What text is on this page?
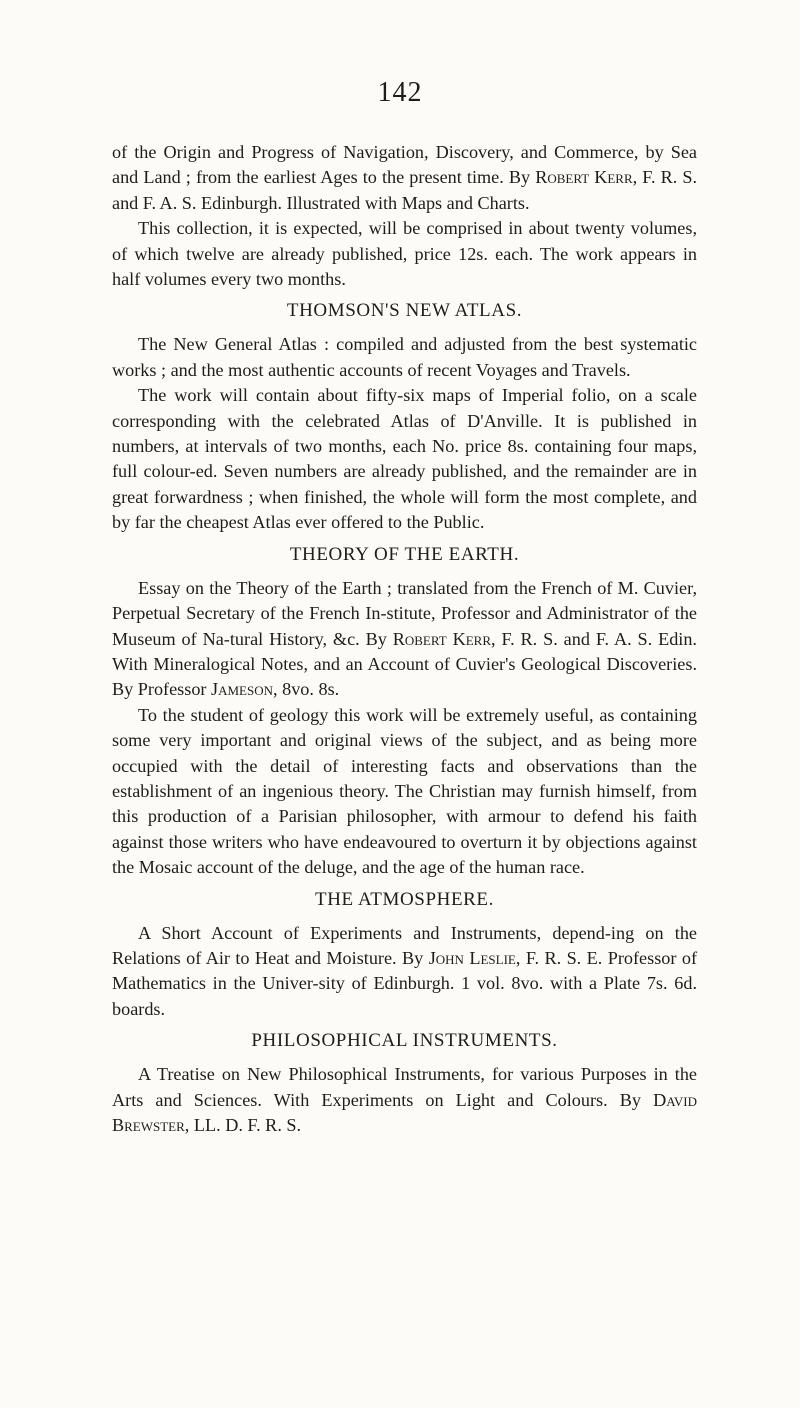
142

of the Origin and Progress of Navigation, Discovery, and Commerce, by Sea and Land ; from the earliest Ages to the present time. By Robert Kerr, F. R. S. and F. A. S. Edinburgh. Illustrated with Maps and Charts.

This collection, it is expected, will be comprised in about twenty volumes, of which twelve are already published, price 12s. each. The work appears in half volumes every two months.

THOMSON'S NEW ATLAS.

The New General Atlas : compiled and adjusted from the best systematic works ; and the most authentic accounts of recent Voyages and Travels.

The work will contain about fifty-six maps of Imperial folio, on a scale corresponding with the celebrated Atlas of D'Anville. It is published in numbers, at intervals of two months, each No. price 8s. containing four maps, full colour-ed. Seven numbers are already published, and the remainder are in great forwardness ; when finished, the whole will form the most complete, and by far the cheapest Atlas ever offered to the Public.

THEORY OF THE EARTH.

Essay on the Theory of the Earth ; translated from the French of M. Cuvier, Perpetual Secretary of the French In-stitute, Professor and Administrator of the Museum of Na-tural History, &c. By Robert Kerr, F. R. S. and F. A. S. Edin. With Mineralogical Notes, and an Account of Cuvier's Geological Discoveries. By Professor Jameson, 8vo. 8s.

To the student of geology this work will be extremely useful, as containing some very important and original views of the subject, and as being more occupied with the detail of interesting facts and observations than the establishment of an ingenious theory. The Christian may furnish himself, from this production of a Parisian philosopher, with armour to defend his faith against those writers who have endeavoured to overturn it by objections against the Mosaic account of the deluge, and the age of the human race.

THE ATMOSPHERE.

A Short Account of Experiments and Instruments, depend-ing on the Relations of Air to Heat and Moisture. By John Leslie, F. R. S. E. Professor of Mathematics in the Univer-sity of Edinburgh. 1 vol. 8vo. with a Plate 7s. 6d. boards.

PHILOSOPHICAL INSTRUMENTS.

A Treatise on New Philosophical Instruments, for various Purposes in the Arts and Sciences. With Experiments on Light and Colours. By David Brewster, LL. D. F. R. S.
